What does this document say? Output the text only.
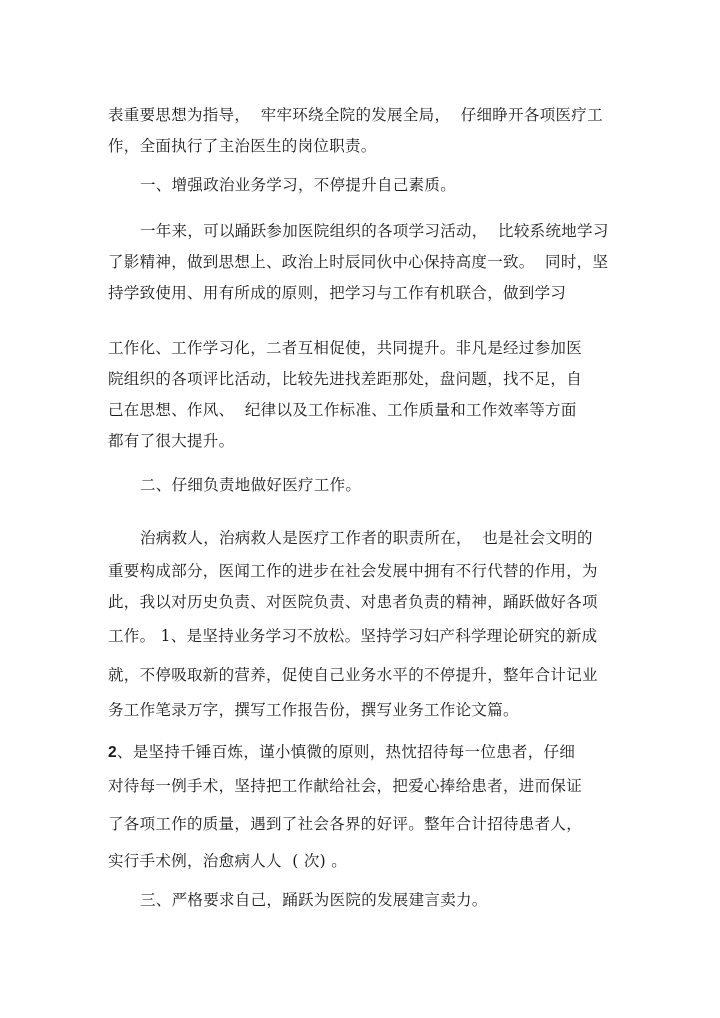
表重要思想为指导，  牢牢环绕全院的发展全局，  仔细睁开各项医疗工
作，全面执行了主治医生的岗位职责。
一、增强政治业务学习，不停提升自己素质。
一年来，可以踊跃参加医院组织的各项学习活动，  比较系统地学习
了影精神，做到思想上、政治上时辰同伙中心保持高度一致。  同时，坚
持学致使用、用有所成的原则，把学习与工作有机联合，做到学习
工作化、工作学习化，二者互相促使，共同提升。非凡是经过参加医
院组织的各项评比活动，比较先进找差距那处，盘问题，找不足，自
己在思想、作风、  纪律以及工作标准、工作质量和工作效率等方面
都有了很大提升。
二、仔细负责地做好医疗工作。
治病救人，治病救人是医疗工作者的职责所在，  也是社会文明的
重要构成部分，医闻工作的进步在社会发展中拥有不行代替的作用，为
此，我以对历史负责、对医院负责、对患者负责的精神，踊跃做好各项
工作。 1、是坚持业务学习不放松。坚持学习妇产科学理论研究的新成
就，不停吸取新的营养，促使自己业务水平的不停提升，整年合计记业
务工作笔录万字，撰写工作报告份，撰写业务工作论文篇。
2、是坚持千锤百炼，谨小慎微的原则，热忱招待每一位患者，仔细
对待每一例手术，坚持把工作献给社会，把爱心捧给患者，进而保证
了各项工作的质量，遇到了社会各界的好评。整年合计招待患者人，
实行手术例，治愈病人人  ( 次) 。
三、严格要求自己，踊跃为医院的发展建言卖力。
